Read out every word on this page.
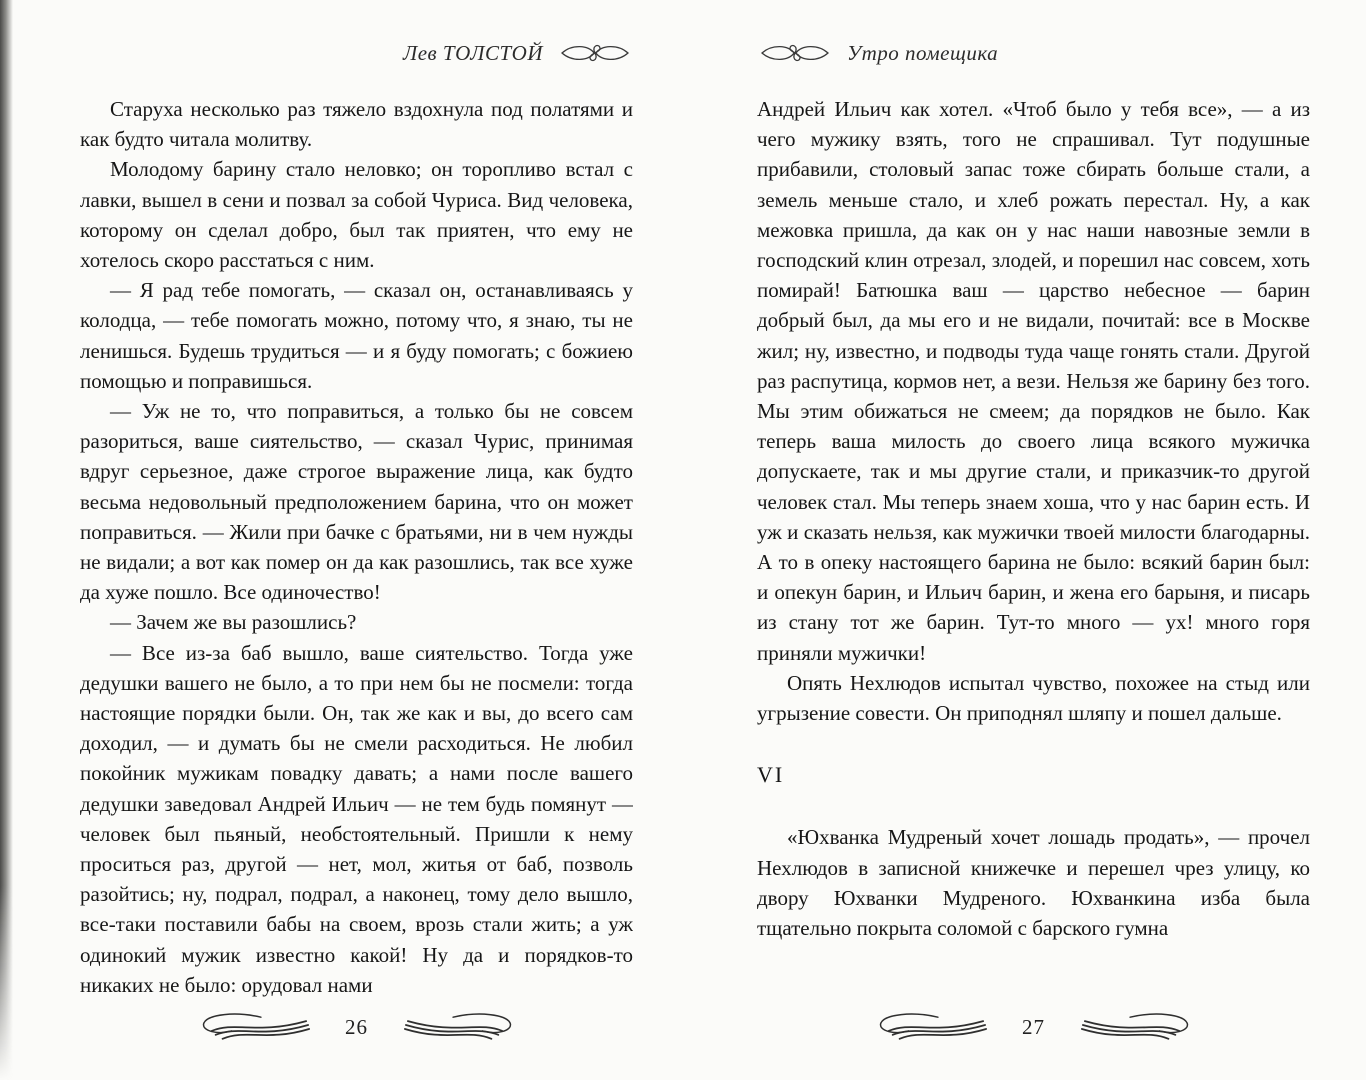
Лев ТОЛСТОЙ

Старуха несколько раз тяжело вздохнула под полатями и как будто читала молитву.

Молодому барину стало неловко; он торопливо встал с лавки, вышел в сени и позвал за собой Чуриса. Вид человека, которому он сделал добро, был так приятен, что ему не хотелось скоро расстаться с ним.

— Я рад тебе помогать, — сказал он, останавливаясь у колодца, — тебе помогать можно, потому что, я знаю, ты не ленишься. Будешь трудиться — и я буду помогать; с божиею помощью и поправишься.

— Уж не то, что поправиться, а только бы не совсем разориться, ваше сиятельство, — сказал Чурис, принимая вдруг серьезное, даже строгое выражение лица, как будто весьма недовольный предположением барина, что он может поправиться. — Жили при бачке с братьями, ни в чем нужды не видали; а вот как помер он да как разошлись, так все хуже да хуже пошло. Все одиночество!

— Зачем же вы разошлись?

— Все из-за баб вышло, ваше сиятельство. Тогда уже дедушки вашего не было, а то при нем бы не посмели: тогда настоящие порядки были. Он, так же как и вы, до всего сам доходил, — и думать бы не смели расходиться. Не любил покойник мужикам повадку давать; а нами после вашего дедушки заведовал Андрей Ильич — не тем будь помянут — человек был пьяный, необстоятельный. Пришли к нему проситься раз, другой — нет, мол, житья от баб, позволь разойтись; ну, подрал, подрал, а наконец, тому дело вышло, все-таки поставили бабы на своем, врозь стали жить; а уж одинокий мужик известно какой! Ну да и порядков-то никаких не было: орудовал нами

26
Утро помещика

Андрей Ильич как хотел. «Чтоб было у тебя все», — а из чего мужику взять, того не спрашивал. Тут подушные прибавили, столовый запас тоже сбирать больше стали, а земель меньше стало, и хлеб рожать перестал. Ну, а как межовка пришла, да как он у нас наши навозные земли в господский клин отрезал, злодей, и порешил нас совсем, хоть помирай! Батюшка ваш — царство небесное — барин добрый был, да мы его и не видали, почитай: все в Москве жил; ну, известно, и подводы туда чаще гонять стали. Другой раз распутица, кормов нет, а вези. Нельзя же барину без того. Мы этим обижаться не смеем; да порядков не было. Как теперь ваша милость до своего лица всякого мужичка допускаете, так и мы другие стали, и приказчик-то другой человек стал. Мы теперь знаем хоша, что у нас барин есть. И уж и сказать нельзя, как мужички твоей милости благодарны. А то в опеку настоящего барина не было: всякий барин был: и опекун барин, и Ильич барин, и жена его барыня, и писарь из стану тот же барин. Тут-то много — ух! много горя приняли мужички!

Опять Нехлюдов испытал чувство, похожее на стыд или угрызение совести. Он приподнял шляпу и пошел дальше.

VI

«Юхванка Мудреный хочет лошадь продать», — прочел Нехлюдов в записной книжечке и перешел чрез улицу, ко двору Юхванки Мудреного. Юхванкина изба была тщательно покрыта соломой с барского гумна

27
